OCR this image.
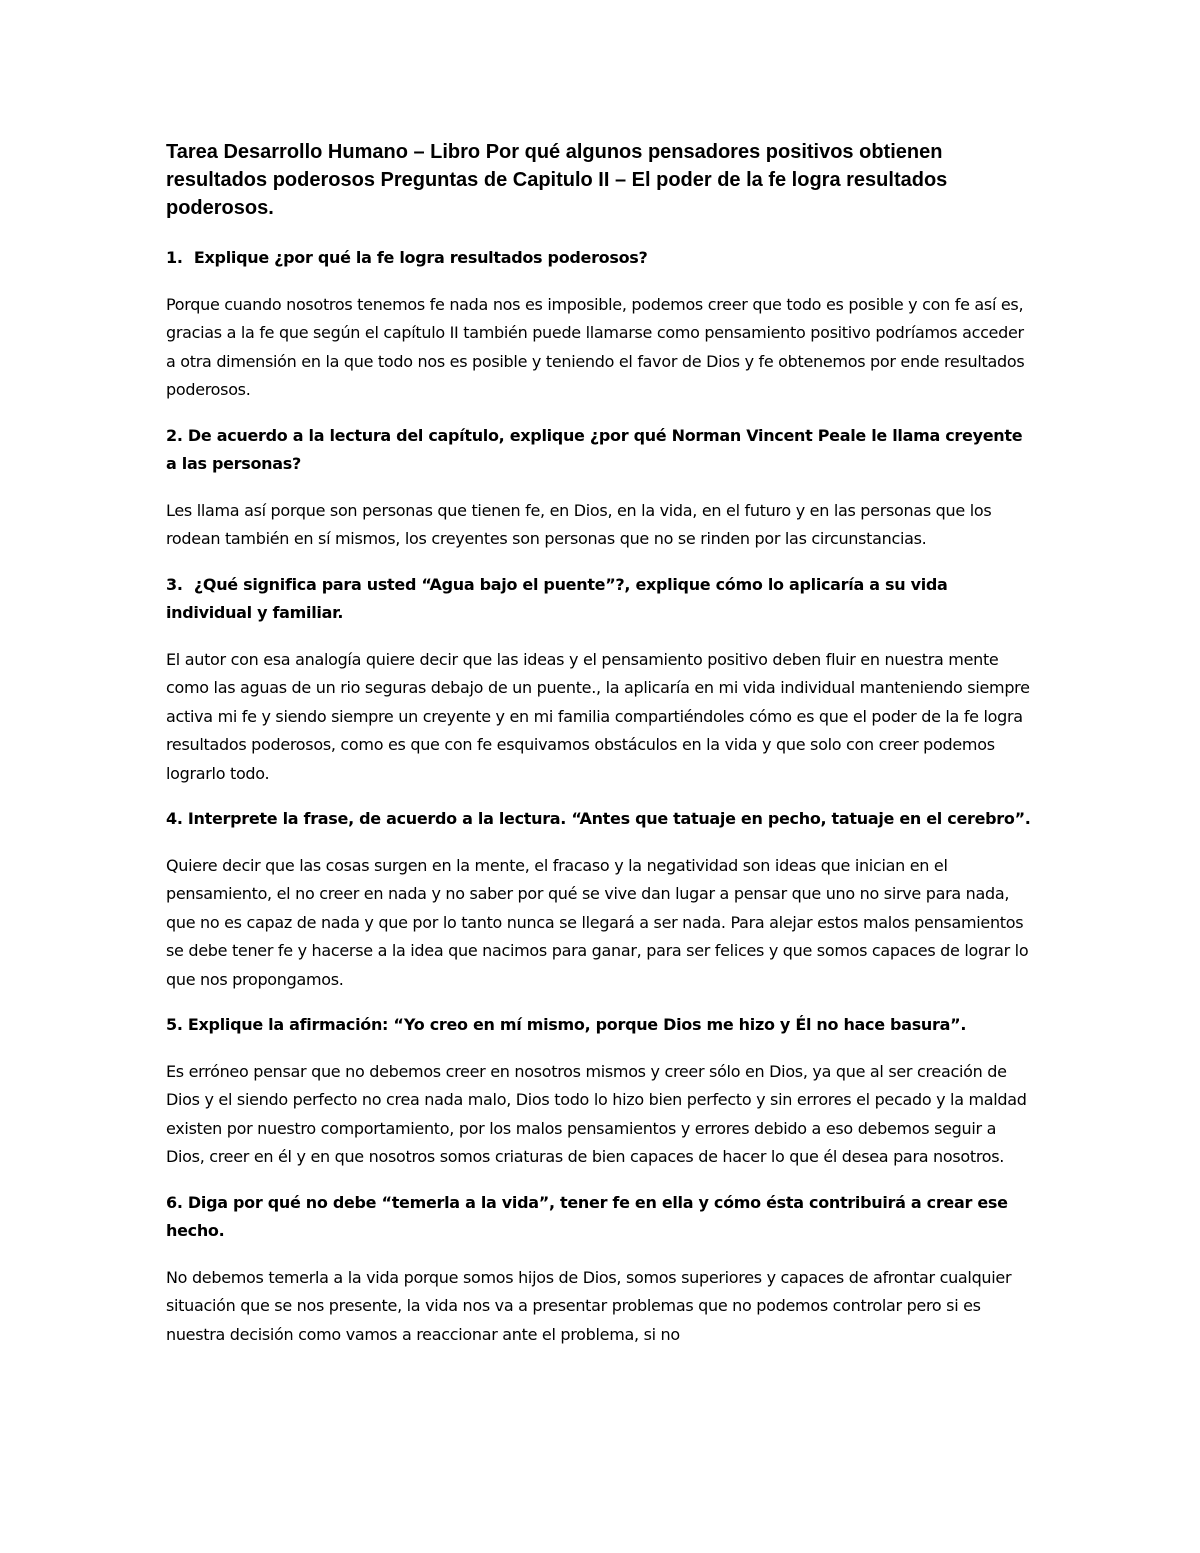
Tarea Desarrollo Humano – Libro Por qué algunos pensadores positivos obtienen resultados poderosos Preguntas de Capitulo II – El poder de la fe logra resultados poderosos.

1. Explique ¿por qué la fe logra resultados poderosos?

Porque cuando nosotros tenemos fe nada nos es imposible, podemos creer que todo es posible y con fe así es, gracias a la fe que según el capítulo II también puede llamarse como pensamiento positivo podríamos acceder a otra dimensión en la que todo nos es posible y teniendo el favor de Dios y fe obtenemos por ende resultados poderosos.

2. De acuerdo a la lectura del capítulo, explique ¿por qué Norman Vincent Peale le llama creyente a las personas?

Les llama así porque son personas que tienen fe, en Dios, en la vida, en el futuro y en las personas que los rodean también en sí mismos, los creyentes son personas que no se rinden por las circunstancias.

3. ¿Qué significa para usted “Agua bajo el puente”?, explique cómo lo aplicaría a su vida individual y familiar.

El autor con esa analogía quiere decir que las ideas y el pensamiento positivo deben fluir en nuestra mente como las aguas de un rio seguras debajo de un puente., la aplicaría en mi vida individual manteniendo siempre activa mi fe y siendo siempre un creyente y en mi familia compartiéndoles cómo es que el poder de la fe logra resultados poderosos, como es que con fe esquivamos obstáculos en la vida y que solo con creer podemos lograrlo todo.

4. Interprete la frase, de acuerdo a la lectura. “Antes que tatuaje en pecho, tatuaje en el cerebro”.

Quiere decir que las cosas surgen en la mente, el fracaso y la negatividad son ideas que inician en el pensamiento, el no creer en nada y no saber por qué se vive dan lugar a pensar que uno no sirve para nada, que no es capaz de nada y que por lo tanto nunca se llegará a ser nada. Para alejar estos malos pensamientos se debe tener fe y hacerse a la idea que nacimos para ganar, para ser felices y que somos capaces de lograr lo que nos propongamos.

5. Explique la afirmación: “Yo creo en mí mismo, porque Dios me hizo y Él no hace basura”.

Es erróneo pensar que no debemos creer en nosotros mismos y creer sólo en Dios, ya que al ser creación de Dios y el siendo perfecto no crea nada malo, Dios todo lo hizo bien perfecto y sin errores el pecado y la maldad existen por nuestro comportamiento, por los malos pensamientos y errores debido a eso debemos seguir a Dios, creer en él y en que nosotros somos criaturas de bien capaces de hacer lo que él desea para nosotros.

6. Diga por qué no debe “temerla a la vida”, tener fe en ella y cómo ésta contribuirá a crear ese hecho.

No debemos temerla a la vida porque somos hijos de Dios, somos superiores y capaces de afrontar cualquier situación que se nos presente, la vida nos va a presentar problemas que no podemos controlar pero si es nuestra decisión como vamos a reaccionar ante el problema, si no
